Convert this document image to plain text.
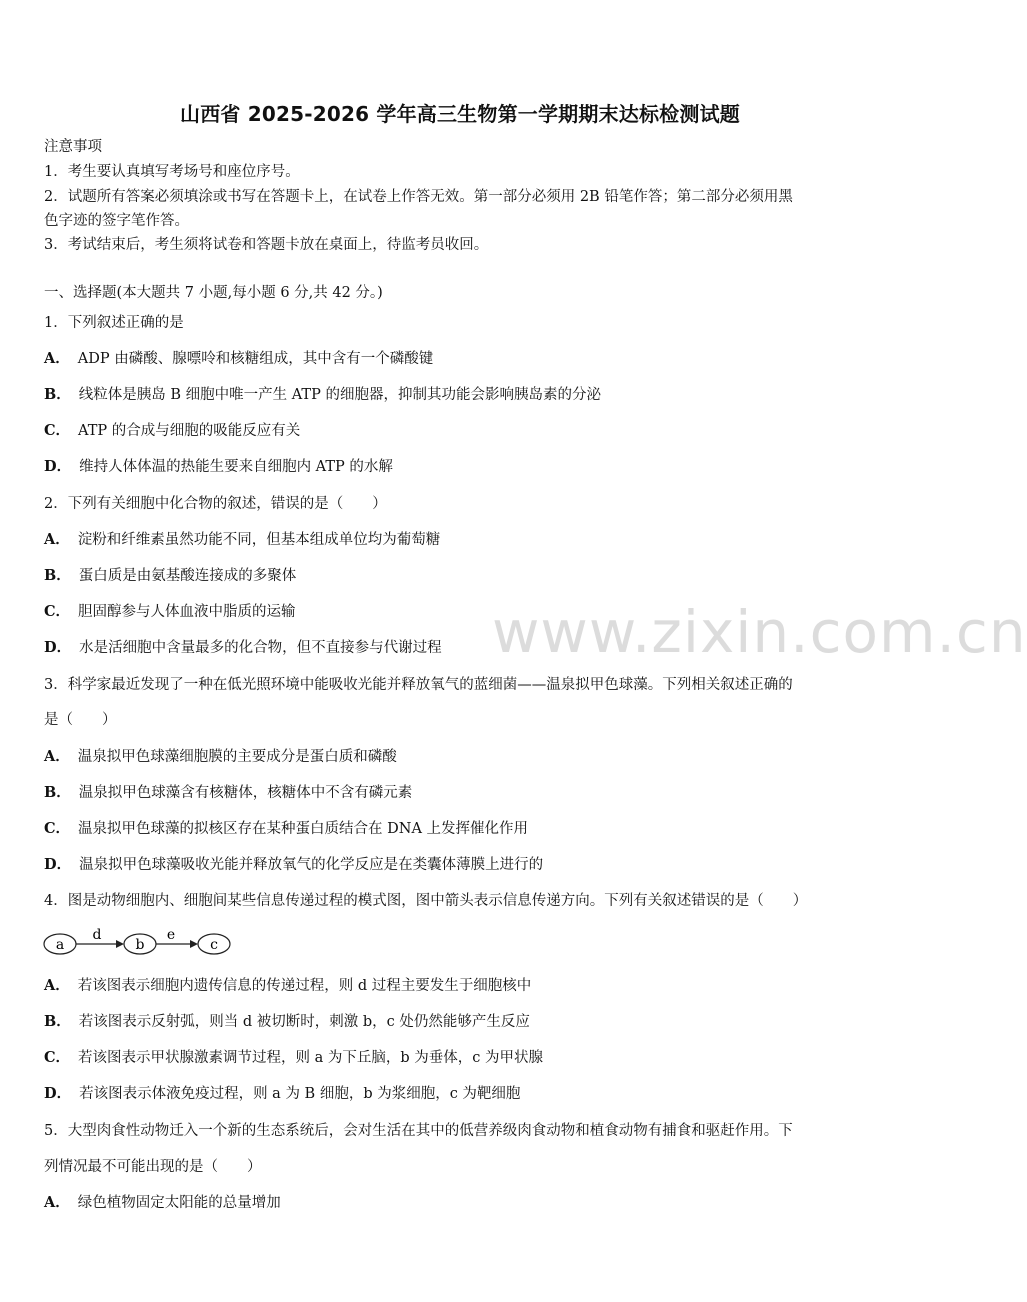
山西省 2025-2026 学年高三生物第一学期期末达标检测试题
注意事项
1．考生要认真填写考场号和座位序号。
2．试题所有答案必须填涂或书写在答题卡上，在试卷上作答无效。第一部分必须用 2B 铅笔作答；第二部分必须用黑
色字迹的签字笔作答。
3．考试结束后，考生须将试卷和答题卡放在桌面上，待监考员收回。
一、选择题(本大题共 7 小题,每小题 6 分,共 42 分。)
1．下列叙述正确的是
A． ADP 由磷酸、腺嘌呤和核糖组成，其中含有一个磷酸键
B． 线粒体是胰岛 B 细胞中唯一产生 ATP 的细胞器，抑制其功能会影响胰岛素的分泌
C． ATP 的合成与细胞的吸能反应有关
D． 维持人体体温的热能生要来自细胞内 ATP 的水解
2．下列有关细胞中化合物的叙述，错误的是（　　）
A． 淀粉和纤维素虽然功能不同，但基本组成单位均为葡萄糖
B． 蛋白质是由氨基酸连接成的多聚体
C． 胆固醇参与人体血液中脂质的运输
D． 水是活细胞中含量最多的化合物，但不直接参与代谢过程 www.zixin.com.cn
3．科学家最近发现了一种在低光照环境中能吸收光能并释放氧气的蓝细菌——温泉拟甲色球藻。下列相关叙述正确的
是（　　）
A． 温泉拟甲色球藻细胞膜的主要成分是蛋白质和磷酸
B． 温泉拟甲色球藻含有核糖体，核糖体中不含有磷元素
C． 温泉拟甲色球藻的拟核区存在某种蛋白质结合在 DNA 上发挥催化作用
D． 温泉拟甲色球藻吸收光能并释放氧气的化学反应是在类囊体薄膜上进行的
4．图是动物细胞内、细胞间某些信息传递过程的模式图，图中箭头表示信息传递方向。下列有关叙述错误的是（　　）
a
d
b
e
c
A． 若该图表示细胞内遗传信息的传递过程，则 d 过程主要发生于细胞核中
B． 若该图表示反射弧，则当 d 被切断时，刺激 b，c 处仍然能够产生反应
C． 若该图表示甲状腺激素调节过程，则 a 为下丘脑，b 为垂体，c 为甲状腺
D． 若该图表示体液免疫过程，则 a 为 B 细胞，b 为浆细胞，c 为靶细胞
5．大型肉食性动物迁入一个新的生态系统后，会对生活在其中的低营养级肉食动物和植食动物有捕食和驱赶作用。下
列情况最不可能出现的是（　　）
A． 绿色植物固定太阳能的总量增加
